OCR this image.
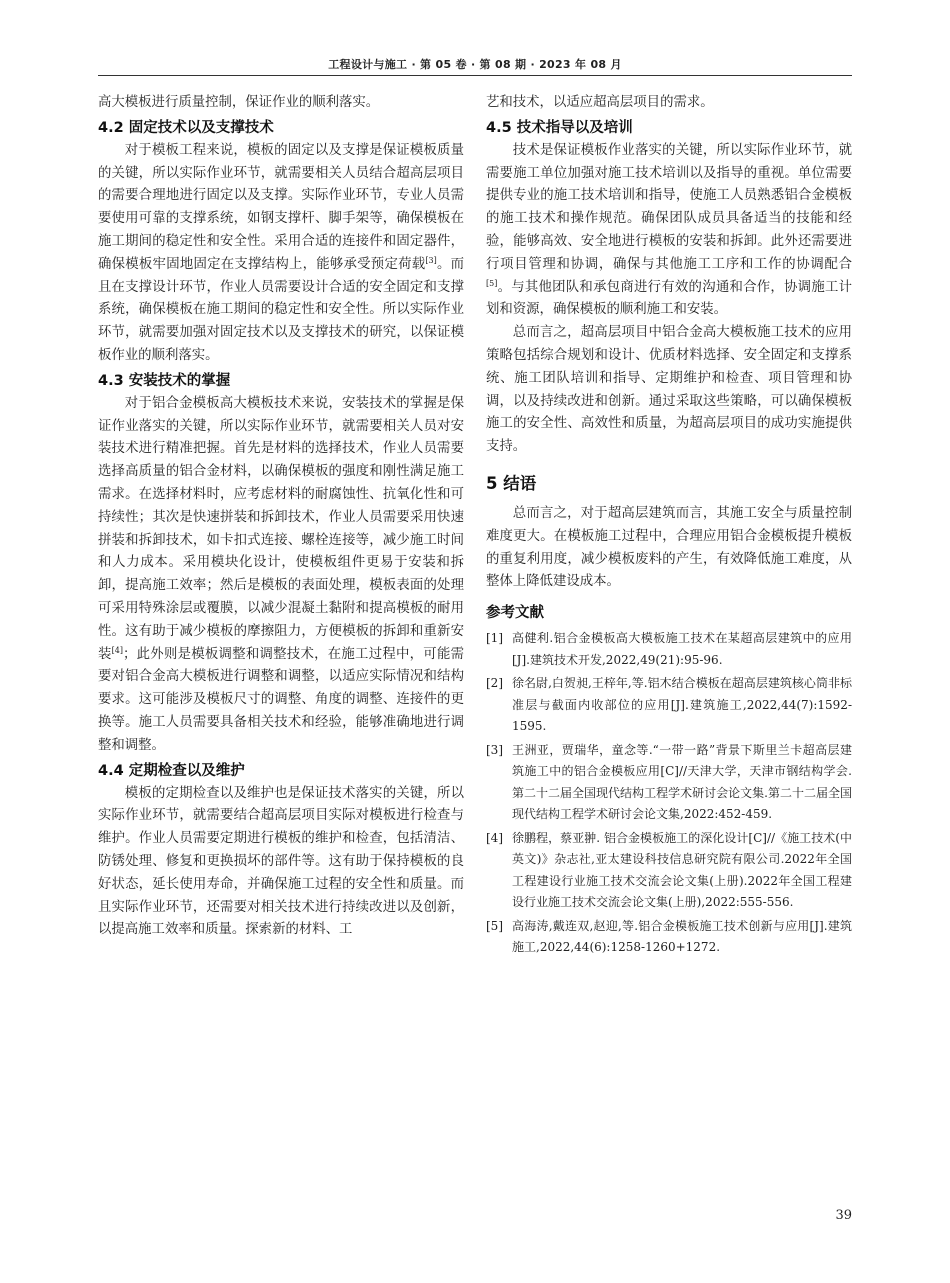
工程设计与施工 · 第 05 卷 · 第 08 期 · 2023 年 08 月

高大模板进行质量控制，保证作业的顺利落实。

4.2 固定技术以及支撑技术

对于模板工程来说，模板的固定以及支撑是保证模板质量的关键，所以实际作业环节，就需要相关人员结合超高层项目的需要合理地进行固定以及支撑。实际作业环节，专业人员需要使用可靠的支撑系统，如钢支撑杆、脚手架等，确保模板在施工期间的稳定性和安全性。采用合适的连接件和固定器件，确保模板牢固地固定在支撑结构上，能够承受预定荷载[3]。而且在支撑设计环节，作业人员需要设计合适的安全固定和支撑系统，确保模板在施工期间的稳定性和安全性。所以实际作业环节，就需要加强对固定技术以及支撑技术的研究，以保证模板作业的顺利落实。

4.3 安装技术的掌握

对于铝合金模板高大模板技术来说，安装技术的掌握是保证作业落实的关键，所以实际作业环节，就需要相关人员对安装技术进行精准把握。首先是材料的选择技术，作业人员需要选择高质量的铝合金材料，以确保模板的强度和刚性满足施工需求。在选择材料时，应考虑材料的耐腐蚀性、抗氧化性和可持续性；其次是快速拼装和拆卸技术，作业人员需要采用快速拼装和拆卸技术，如卡扣式连接、螺栓连接等，减少施工时间和人力成本。采用模块化设计，使模板组件更易于安装和拆卸，提高施工效率；然后是模板的表面处理，模板表面的处理可采用特殊涂层或覆膜，以减少混凝土黏附和提高模板的耐用性。这有助于减少模板的摩擦阻力，方便模板的拆卸和重新安装[4]；此外则是模板调整和调整技术，在施工过程中，可能需要对铝合金高大模板进行调整和调整，以适应实际情况和结构要求。这可能涉及模板尺寸的调整、角度的调整、连接件的更换等。施工人员需要具备相关技术和经验，能够准确地进行调整和调整。

4.4 定期检查以及维护

模板的定期检查以及维护也是保证技术落实的关键，所以实际作业环节，就需要结合超高层项目实际对模板进行检查与维护。作业人员需要定期进行模板的维护和检查，包括清洁、防锈处理、修复和更换损坏的部件等。这有助于保持模板的良好状态，延长使用寿命，并确保施工过程的安全性和质量。而且实际作业环节，还需要对相关技术进行持续改进以及创新，以提高施工效率和质量。探索新的材料、工

艺和技术，以适应超高层项目的需求。

4.5 技术指导以及培训

技术是保证模板作业落实的关键，所以实际作业环节，就需要施工单位加强对施工技术培训以及指导的重视。单位需要提供专业的施工技术培训和指导，使施工人员熟悉铝合金模板的施工技术和操作规范。确保团队成员具备适当的技能和经验，能够高效、安全地进行模板的安装和拆卸。此外还需要进行项目管理和协调，确保与其他施工工序和工作的协调配合[5]。与其他团队和承包商进行有效的沟通和合作，协调施工计划和资源，确保模板的顺利施工和安装。

总而言之，超高层项目中铝合金高大模板施工技术的应用策略包括综合规划和设计、优质材料选择、安全固定和支撑系统、施工团队培训和指导、定期维护和检查、项目管理和协调，以及持续改进和创新。通过采取这些策略，可以确保模板施工的安全性、高效性和质量，为超高层项目的成功实施提供支持。

5 结语

总而言之，对于超高层建筑而言，其施工安全与质量控制难度更大。在模板施工过程中，合理应用铝合金模板提升模板的重复利用度，减少模板废料的产生，有效降低施工难度，从整体上降低建设成本。

参考文献
[1] 高健利.铝合金模板高大模板施工技术在某超高层建筑中的应用[J].建筑技术开发,2022,49(21):95-96.
[2] 徐名尉,白贺昶,王梓年,等.铝木结合模板在超高层建筑核心筒非标准层与截面内收部位的应用[J].建筑施工,2022,44(7):1592-1595.
[3] 王洲亚，贾瑞华，童念等.“一带一路”背景下斯里兰卡超高层建筑施工中的铝合金模板应用[C]//天津大学，天津市钢结构学会.第二十二届全国现代结构工程学术研讨会论文集.第二十二届全国现代结构工程学术研讨会论文集,2022:452-459.
[4] 徐鹏程，蔡亚翀. 铝合金模板施工的深化设计[C]//《施工技术(中英文)》杂志社,亚太建设科技信息研究院有限公司.2022年全国工程建设行业施工技术交流会论文集(上册).2022年全国工程建设行业施工技术交流会论文集(上册),2022:555-556.
[5] 高海涛,戴连双,赵迎,等.铝合金模板施工技术创新与应用[J].建筑施工,2022,44(6):1258-1260+1272.
39
